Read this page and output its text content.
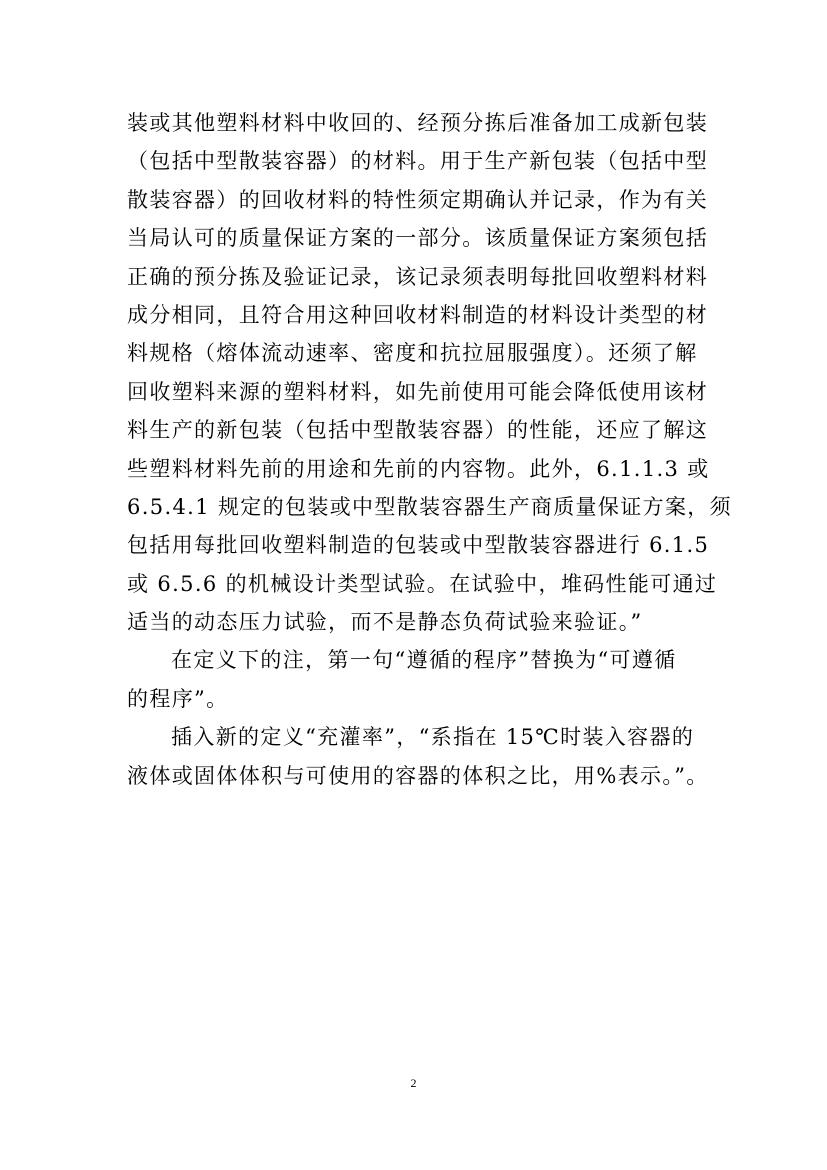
装或其他塑料材料中收回的、经预分拣后准备加工成新包装
（包括中型散装容器）的材料。用于生产新包装（包括中型
散装容器）的回收材料的特性须定期确认并记录，作为有关
当局认可的质量保证方案的一部分。该质量保证方案须包括
正确的预分拣及验证记录，该记录须表明每批回收塑料材料
成分相同，且符合用这种回收材料制造的材料设计类型的材
料规格（熔体流动速率、密度和抗拉屈服强度）。还须了解
回收塑料来源的塑料材料，如先前使用可能会降低使用该材
料生产的新包装（包括中型散装容器）的性能，还应了解这
些塑料材料先前的用途和先前的内容物。此外，6.1.1.3 或
6.5.4.1 规定的包装或中型散装容器生产商质量保证方案，须
包括用每批回收塑料制造的包装或中型散装容器进行 6.1.5
或 6.5.6 的机械设计类型试验。在试验中，堆码性能可通过
适当的动态压力试验，而不是静态负荷试验来验证。”
在定义下的注，第一句“遵循的程序”替换为“可遵循
的程序”。
插入新的定义“充灌率”，“系指在 15℃时装入容器的
液体或固体体积与可使用的容器的体积之比，用%表示。”。
2
